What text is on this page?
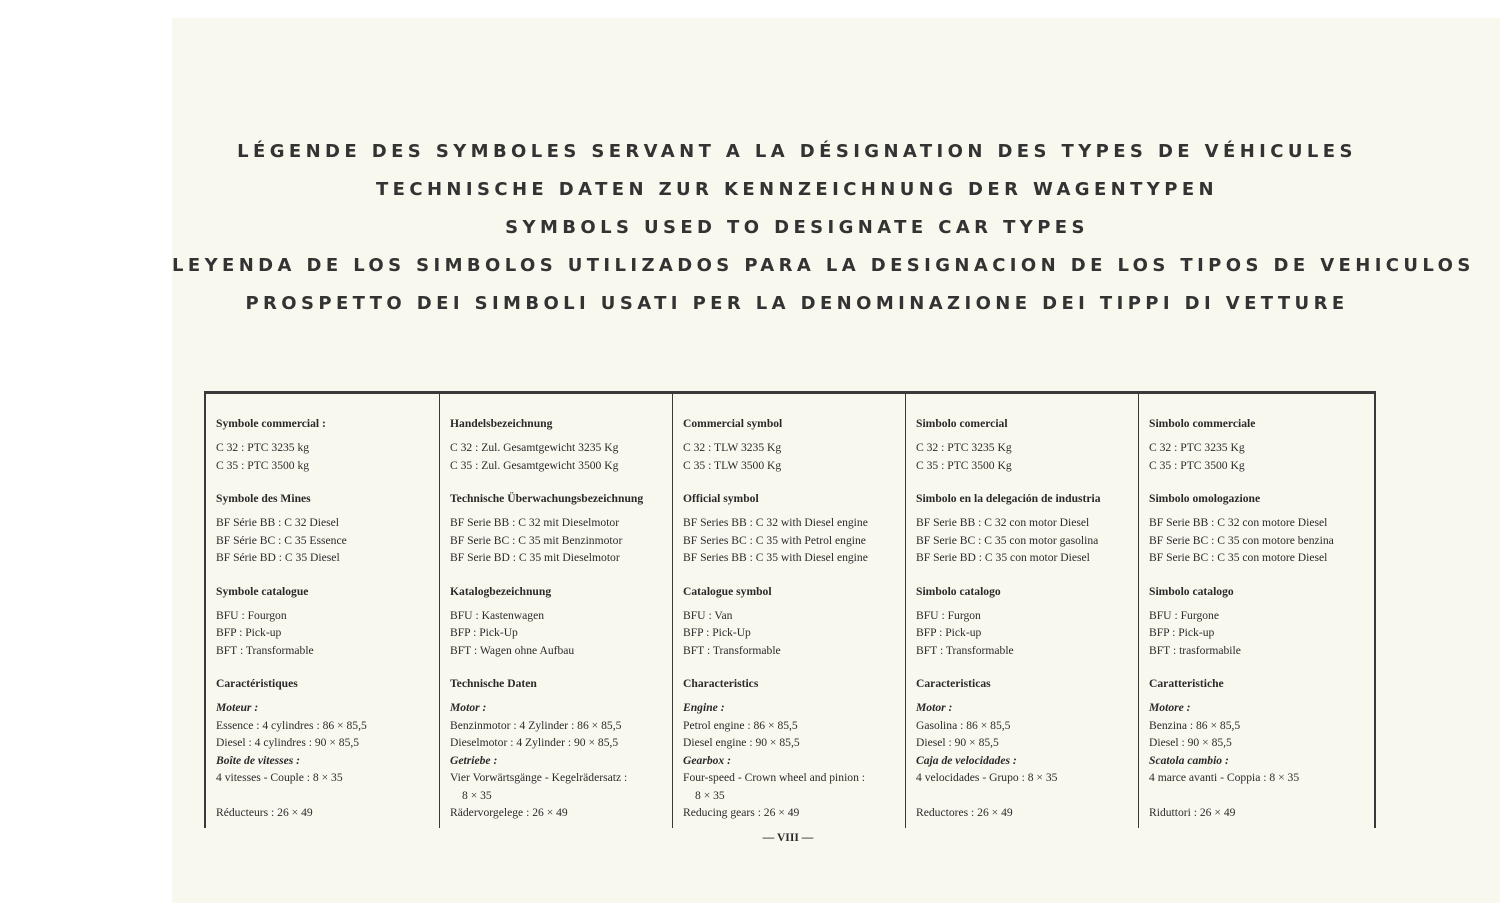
LÉGENDE DES SYMBOLES SERVANT A LA DÉSIGNATION DES TYPES DE VÉHICULES
TECHNISCHE DATEN ZUR KENNZEICHNUNG DER WAGENTYPEN
SYMBOLS USED TO DESIGNATE CAR TYPES
LEYENDA DE LOS SIMBOLOS UTILIZADOS PARA LA DESIGNACION DE LOS TIPOS DE VEHICULOS
PROSPETTO DEI SIMBOLI USATI PER LA DENOMINAZIONE DEI TIPPI DI VETTURE
Symbole commercial :
C 32 : PTC 3235 kg
C 35 : PTC 3500 kg
Symbole des Mines
BF Série BB : C 32 Diesel
BF Série BC : C 35 Essence
BF Série BD : C 35 Diesel
Symbole catalogue
BFU : Fourgon
BFP : Pick-up
BFT : Transformable
Caractéristiques
Moteur :
Essence : 4 cylindres : 86 × 85,5
Diesel : 4 cylindres : 90 × 85,5
Boîte de vitesses :
4 vitesses - Couple : 8 × 35
Réducteurs : 26 × 49
Handelsbezeichnung
C 32 : Zul. Gesamtgewicht 3235 Kg
C 35 : Zul. Gesamtgewicht 3500 Kg
Technische Überwachungsbezeichnung
BF Serie BB : C 32 mit Dieselmotor
BF Serie BC : C 35 mit Benzinmotor
BF Serie BD : C 35 mit Dieselmotor
Katalogbezeichnung
BFU : Kastenwagen
BFP : Pick-Up
BFT : Wagen ohne Aufbau
Technische Daten
Motor :
Benzinmotor : 4 Zylinder : 86 × 85,5
Dieselmotor : 4 Zylinder : 90 × 85,5
Getriebe :
Vier Vorwärtsgänge - Kegelrädersatz :
8 × 35
Rädervorgelege : 26 × 49
Commercial symbol
C 32 : TLW 3235 Kg
C 35 : TLW 3500 Kg
Official symbol
BF Series BB : C 32 with Diesel engine
BF Series BC : C 35 with Petrol engine
BF Series BB : C 35 with Diesel engine
Catalogue symbol
BFU : Van
BFP : Pick-Up
BFT : Transformable
Characteristics
Engine :
Petrol engine : 86 × 85,5
Diesel engine : 90 × 85,5
Gearbox :
Four-speed - Crown wheel and pinion :
8 × 35
Reducing gears : 26 × 49
Simbolo comercial
C 32 : PTC 3235 Kg
C 35 : PTC 3500 Kg
Simbolo en la delegación de industria
BF Serie BB : C 32 con motor Diesel
BF Serie BC : C 35 con motor gasolina
BF Serie BD : C 35 con motor Diesel
Simbolo catalogo
BFU : Furgon
BFP : Pick-up
BFT : Transformable
Caracteristicas
Motor :
Gasolina : 86 × 85,5
Diesel : 90 × 85,5
Caja de velocidades :
4 velocidades - Grupo : 8 × 35
Reductores : 26 × 49
Simbolo commerciale
C 32 : PTC 3235 Kg
C 35 : PTC 3500 Kg
Simbolo omologazione
BF Serie BB : C 32 con motore Diesel
BF Serie BC : C 35 con motore benzina
BF Serie BC : C 35 con motore Diesel
Simbolo catalogo
BFU : Furgone
BFP : Pick-up
BFT : trasformabile
Caratteristiche
Motore :
Benzina : 86 × 85,5
Diesel : 90 × 85,5
Scatola cambio :
4 marce avanti - Coppia : 8 × 35
Riduttori : 26 × 49
— VIII —
